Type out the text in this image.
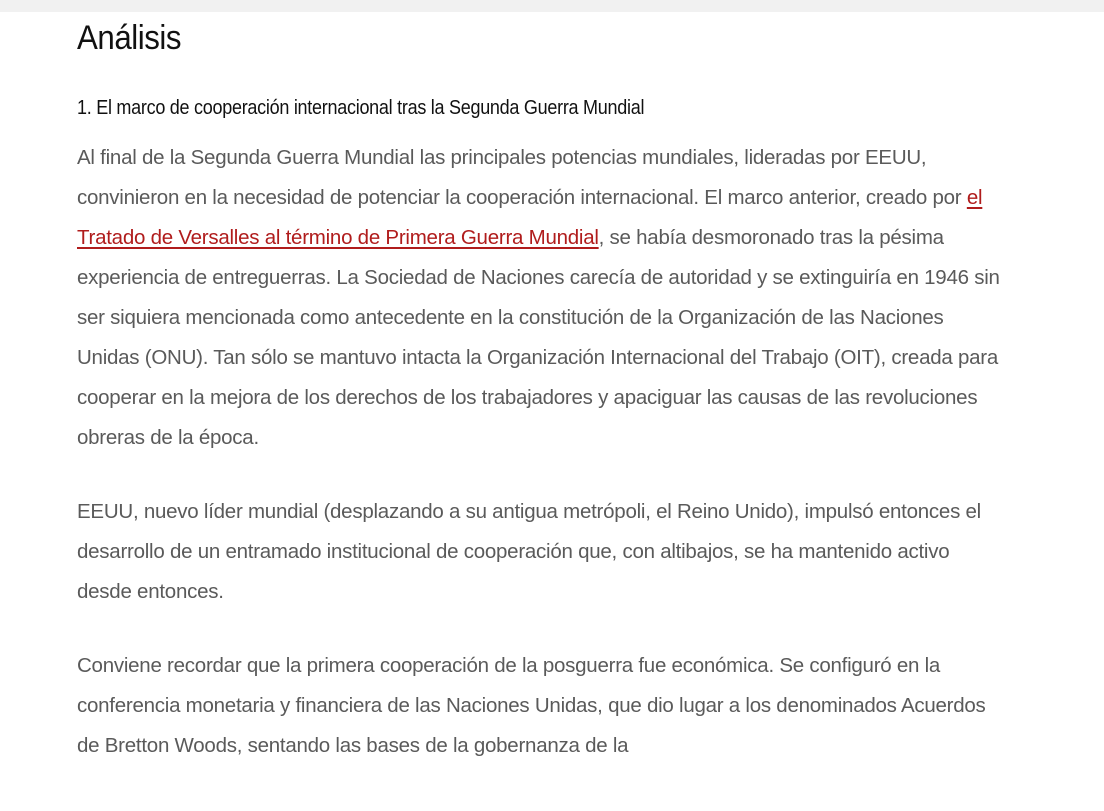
Análisis
1. El marco de cooperación internacional tras la Segunda Guerra Mundial

Al final de la Segunda Guerra Mundial las principales potencias mundiales, lideradas por EEUU, convinieron en la necesidad de potenciar la cooperación internacional. El marco anterior, creado por el Tratado de Versalles al término de Primera Guerra Mundial, se había desmoronado tras la pésima experiencia de entreguerras. La Sociedad de Naciones carecía de autoridad y se extinguiría en 1946 sin ser siquiera mencionada como antecedente en la constitución de la Organización de las Naciones Unidas (ONU). Tan sólo se mantuvo intacta la Organización Internacional del Trabajo (OIT), creada para cooperar en la mejora de los derechos de los trabajadores y apaciguar las causas de las revoluciones obreras de la época.

EEUU, nuevo líder mundial (desplazando a su antigua metrópoli, el Reino Unido), impulsó entonces el desarrollo de un entramado institucional de cooperación que, con altibajos, se ha mantenido activo desde entonces.

Conviene recordar que la primera cooperación de la posguerra fue económica. Se configuró en la conferencia monetaria y financiera de las Naciones Unidas, que dio lugar a los denominados Acuerdos de Bretton Woods, sentando las bases de la gobernanza de la
